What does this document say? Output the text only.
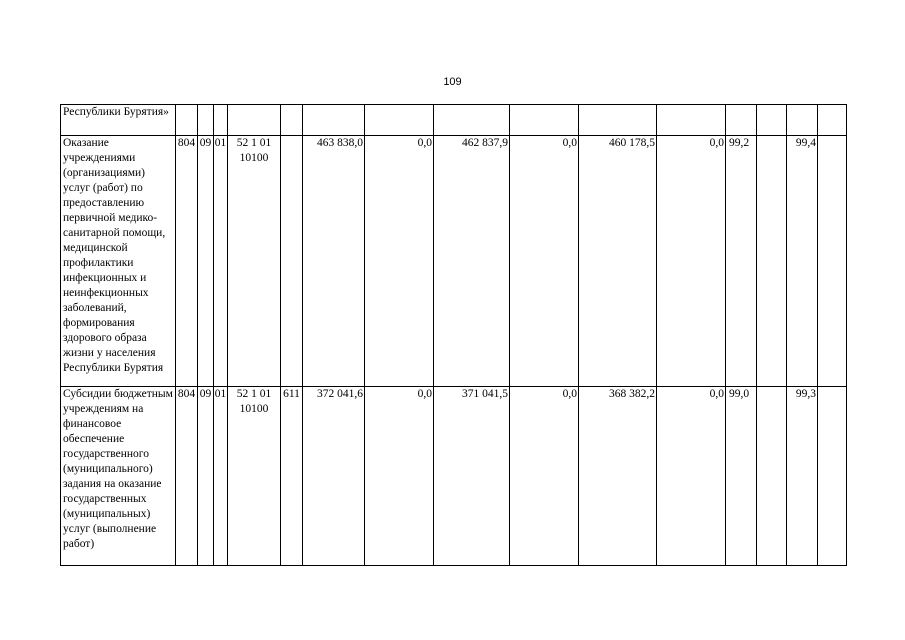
109
Республики Бурятия»															
Оказание учреждениями (организациями) услуг (работ) по предоставлению первичной медико-санитарной помощи, медицинской профилактики инфекционных и неинфекционных заболеваний, формирования здорового образа жизни у населения Республики Бурятия	804	09	01	52 1 01 10100		463 838,0	0,0	462 837,9	0,0	460 178,5	0,0	99,2		99,4	
Субсидии бюджетным учреждениям на финансовое обеспечение государственного (муниципального) задания на оказание государственных (муниципальных) услуг (выполнение работ)	804	09	01	52 1 01 10100	611	372 041,6	0,0	371 041,5	0,0	368 382,2	0,0	99,0		99,3	
